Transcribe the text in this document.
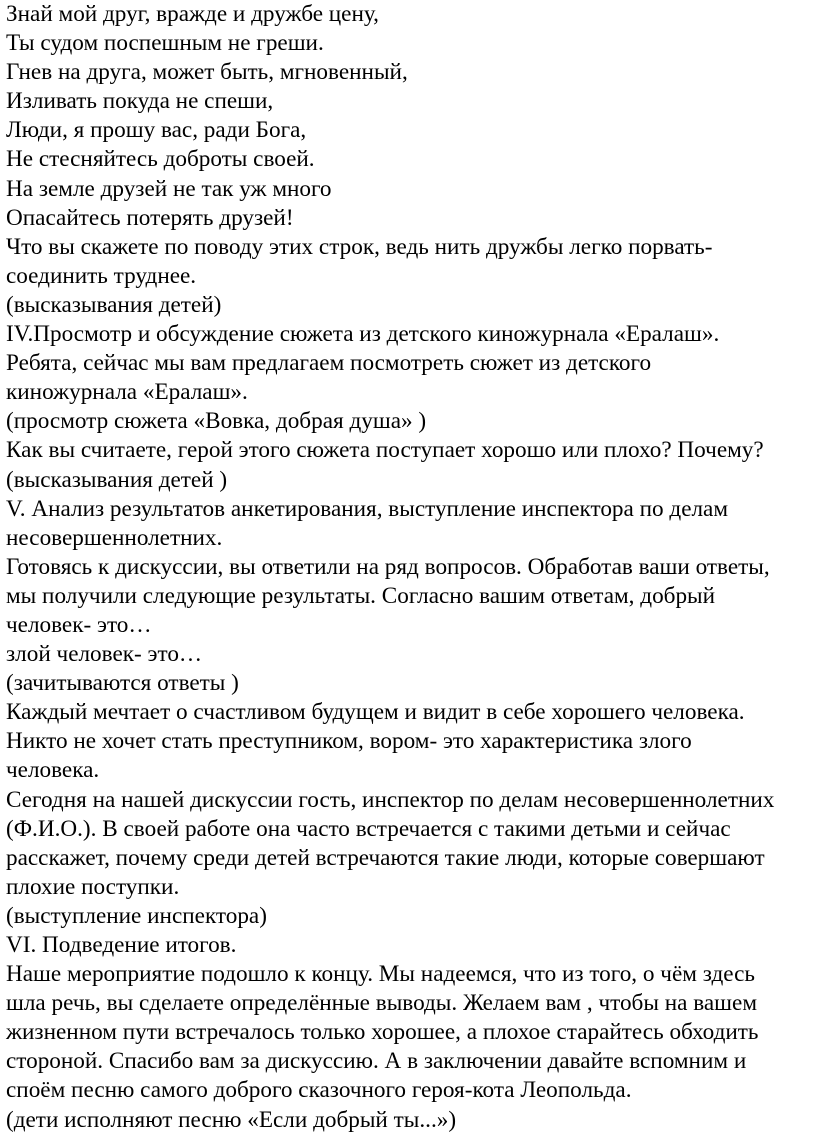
Знай мой друг, вражде и дружбе цену,
Ты судом поспешным не греши.
Гнев на друга, может быть, мгновенный,
Изливать покуда не спеши,
Люди, я прошу вас, ради Бога,
Не стесняйтесь доброты своей.
На земле друзей не так уж много
Опасайтесь потерять друзей!
Что вы скажете по поводу этих строк, ведь нить дружбы легко порвать-
соединить труднее.
(высказывания детей)
IV.Просмотр и обсуждение сюжета из детского киножурнала «Ералаш».
Ребята, сейчас мы вам предлагаем посмотреть сюжет из детского
киножурнала «Ералаш».
(просмотр сюжета «Вовка, добрая душа» )
Как вы считаете, герой этого сюжета поступает хорошо или плохо? Почему?
(высказывания детей )
V. Анализ результатов анкетирования, выступление инспектора по делам
несовершеннолетних.
Готовясь к дискуссии, вы ответили на ряд вопросов. Обработав ваши ответы,
мы получили следующие результаты. Согласно вашим ответам, добрый
человек- это…
злой человек- это…
(зачитываются ответы )
Каждый мечтает о счастливом будущем и видит в себе хорошего человека.
Никто не хочет стать преступником, вором- это характеристика злого
человека.
Сегодня на нашей дискуссии гость, инспектор по делам несовершеннолетних
(Ф.И.О.). В своей работе она часто встречается с такими детьми и сейчас
расскажет, почему среди детей встречаются такие люди, которые совершают
плохие поступки.
(выступление инспектора)
VI. Подведение итогов.
Наше мероприятие подошло к концу. Мы надеемся, что из того, о чём здесь
шла речь, вы сделаете определённые выводы. Желаем вам , чтобы на вашем
жизненном пути встречалось только хорошее, а плохое старайтесь обходить
стороной. Спасибо вам за дискуссию. А в заключении давайте вспомним и
споём песню самого доброго сказочного героя-кота Леопольда.
(дети исполняют песню «Если добрый ты...»)
